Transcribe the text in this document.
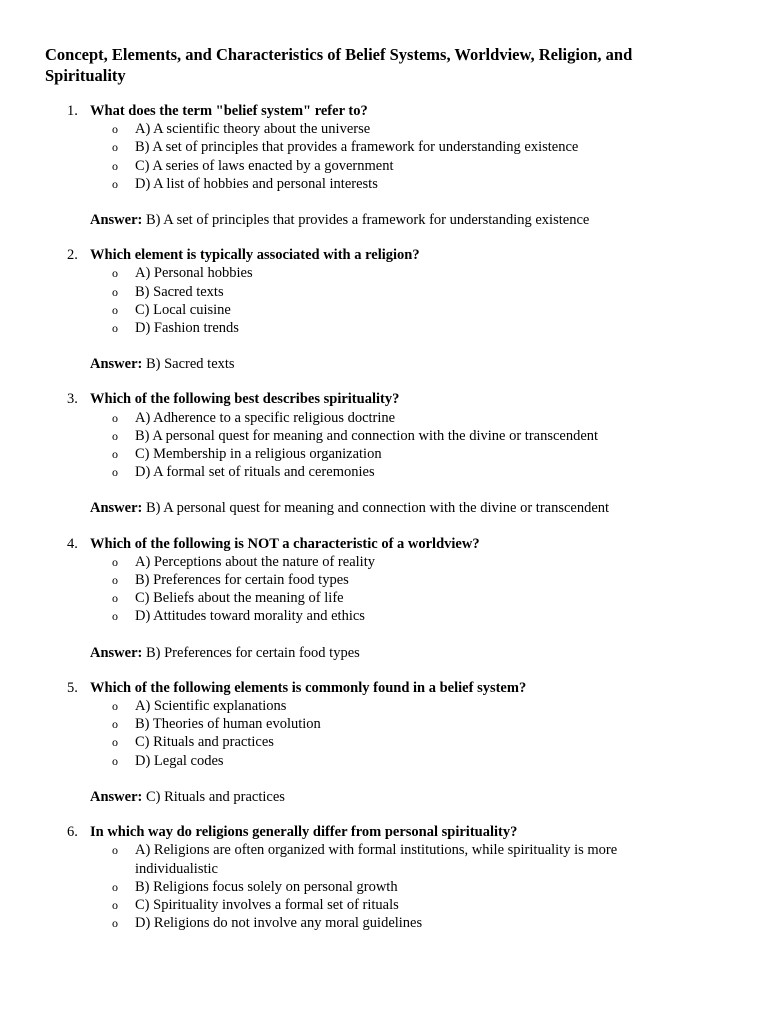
Concept, Elements, and Characteristics of Belief Systems, Worldview, Religion, and Spirituality
1. What does the term "belief system" refer to?
o A) A scientific theory about the universe
o B) A set of principles that provides a framework for understanding existence
o C) A series of laws enacted by a government
o D) A list of hobbies and personal interests
Answer: B) A set of principles that provides a framework for understanding existence
2. Which element is typically associated with a religion?
o A) Personal hobbies
o B) Sacred texts
o C) Local cuisine
o D) Fashion trends
Answer: B) Sacred texts
3. Which of the following best describes spirituality?
o A) Adherence to a specific religious doctrine
o B) A personal quest for meaning and connection with the divine or transcendent
o C) Membership in a religious organization
o D) A formal set of rituals and ceremonies
Answer: B) A personal quest for meaning and connection with the divine or transcendent
4. Which of the following is NOT a characteristic of a worldview?
o A) Perceptions about the nature of reality
o B) Preferences for certain food types
o C) Beliefs about the meaning of life
o D) Attitudes toward morality and ethics
Answer: B) Preferences for certain food types
5. Which of the following elements is commonly found in a belief system?
o A) Scientific explanations
o B) Theories of human evolution
o C) Rituals and practices
o D) Legal codes
Answer: C) Rituals and practices
6. In which way do religions generally differ from personal spirituality?
o A) Religions are often organized with formal institutions, while spirituality is more individualistic
o B) Religions focus solely on personal growth
o C) Spirituality involves a formal set of rituals
o D) Religions do not involve any moral guidelines
